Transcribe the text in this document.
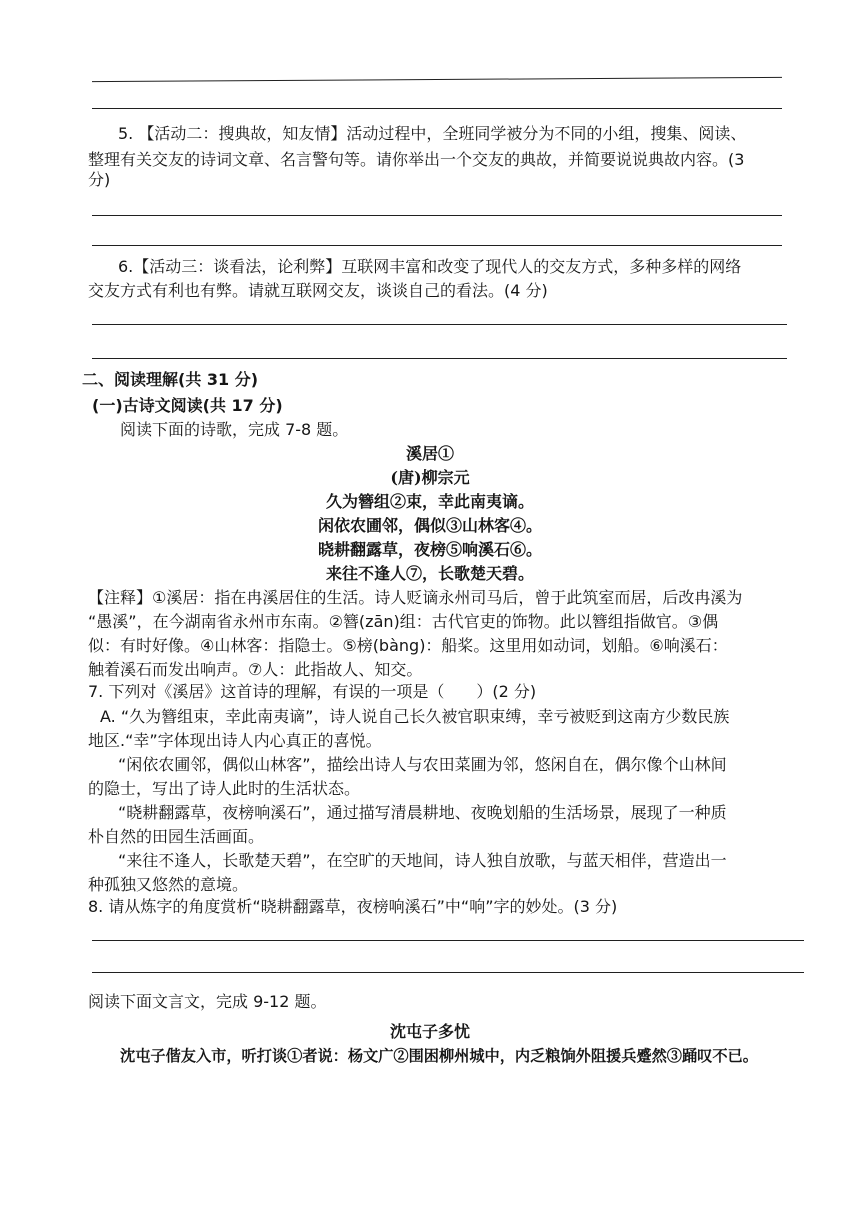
5. 【活动二：搜典故，知友情】活动过程中，全班同学被分为不同的小组，搜集、阅读、
整理有关交友的诗词文章、名言警句等。请你举出一个交友的典故，并简要说说典故内容。(3
分)
6.【活动三：谈看法，论利弊】互联网丰富和改变了现代人的交友方式，多种多样的网络
交友方式有利也有弊。请就互联网交友，谈谈自己的看法。(4 分)
二、阅读理解(共 31 分)
(一)古诗文阅读(共 17 分)
阅读下面的诗歌，完成 7-8 题。
溪居①
(唐)柳宗元
久为簪组②束，幸此南夷谪。
闲依农圃邻，偶似③山林客④。
晓耕翻露草，夜榜⑤响溪石⑥。
来往不逢人⑦，长歌楚天碧。
【注释】①溪居：指在冉溪居住的生活。诗人贬谪永州司马后，曾于此筑室而居，后改冉溪为
“愚溪”，在今湖南省永州市东南。②簪(zān)组：古代官吏的饰物。此以簪组指做官。③偶
似：有时好像。④山林客：指隐士。⑤榜(bàng)：船桨。这里用如动词，划船。⑥响溪石：
触着溪石而发出响声。⑦人：此指故人、知交。
7. 下列对《溪居》这首诗的理解，有误的一项是（　　）(2 分)
A. “久为簪组束，幸此南夷谪”，诗人说自己长久被官职束缚，幸亏被贬到这南方少数民族
地区.“幸”字体现出诗人内心真正的喜悦。
“闲依农圃邻，偶似山林客”，描绘出诗人与农田菜圃为邻，悠闲自在，偶尔像个山林间
的隐士，写出了诗人此时的生活状态。
“晓耕翻露草，夜榜响溪石”，通过描写清晨耕地、夜晚划船的生活场景，展现了一种质
朴自然的田园生活画面。
“来往不逢人，长歌楚天碧”，在空旷的天地间，诗人独自放歌，与蓝天相伴，营造出一
种孤独又悠然的意境。
8. 请从炼字的角度赏析“晓耕翻露草，夜榜响溪石”中“响”字的妙处。(3 分)
阅读下面文言文，完成 9-12 题。
沈屯子多忧
沈屯子偕友入市，听打谈①者说：杨文广②围困柳州城中，内乏粮饷外阻援兵蹙然③踊叹不已。
